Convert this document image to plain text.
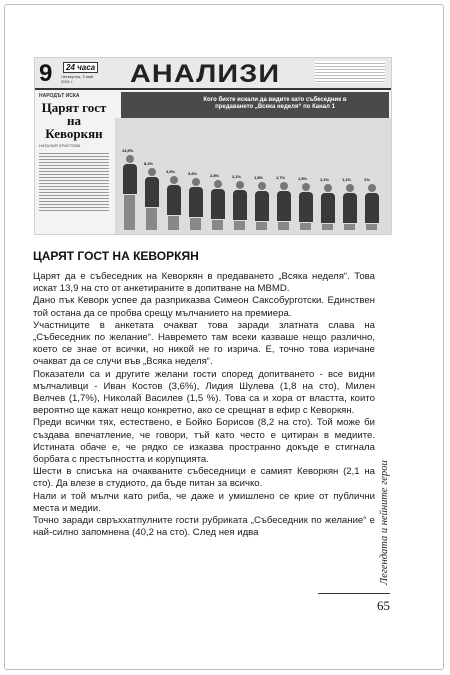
9	24 часа
Четвъртък, 3 май 2001 г.	АНАЛИЗИ
НАРОДЪТ ИСКА
Царят гост на Кеворкян
НАТАЛИЯ ХРИСТОВА
Кого бихте искали да видите като събеседник в предаването „Всяка неделя“ по Канал 1
13,9%
8,2%
4,6%	3,6%	2,8%	2,1%	1,8%	1,7%	1,5%	1,1%	1,1%	1%
ЦАРЯТ ГОСТ НА КЕВОРКЯН

Царят да е събеседник на Кеворкян в предаването „Всяка неделя“. Това искат 13,9 на сто от анкетираните в допитване на MBMD.

Дано пък Кеворк успее да разприказва Симеон Саксобурготски. Единствен той остана да се пробва срещу мълчанието на премиера.

Участниците в анкетата очакват това заради златната слава на „Събеседник по желание“. Навремето там всеки казваше нещо различно, което се знае от всички, но никой не го изрича. Е, точно това изричане очакват да се случи във „Всяка неделя“.

Показатели са и другите желани гости според допитването - все видни мълчаливци - Иван Костов (3,6%), Лидия Шулева (1,8 на сто), Милен Велчев (1,7%), Николай Василев (1,5 %). Това са и хора от властта, които вероятно ще кажат нещо конкретно, ако се срещнат в ефир с Кеворкян.

Преди всички тях, естествено, е Бойко Борисов (8,2 на сто). Той може би създава впечатление, че говори, тъй като често е цитиран в медиите. Истината обаче е, че рядко се изказва пространно докъде е стигнала борбата с престъпността и корупцията.

Шести в списъка на очакваните събеседници е самият Кеворкян (2,1 на сто). Да влезе в студиото, да бъде питан за всичко.

Нали и той мълчи като риба, че даже и умишлено се крие от публични места и медии.

Точно заради свръххатпулните гости рубриката „Събеседник по желание“ е най-силно запомнена (40,2 на сто). След нея идва	Легендата и нейните герои
65
